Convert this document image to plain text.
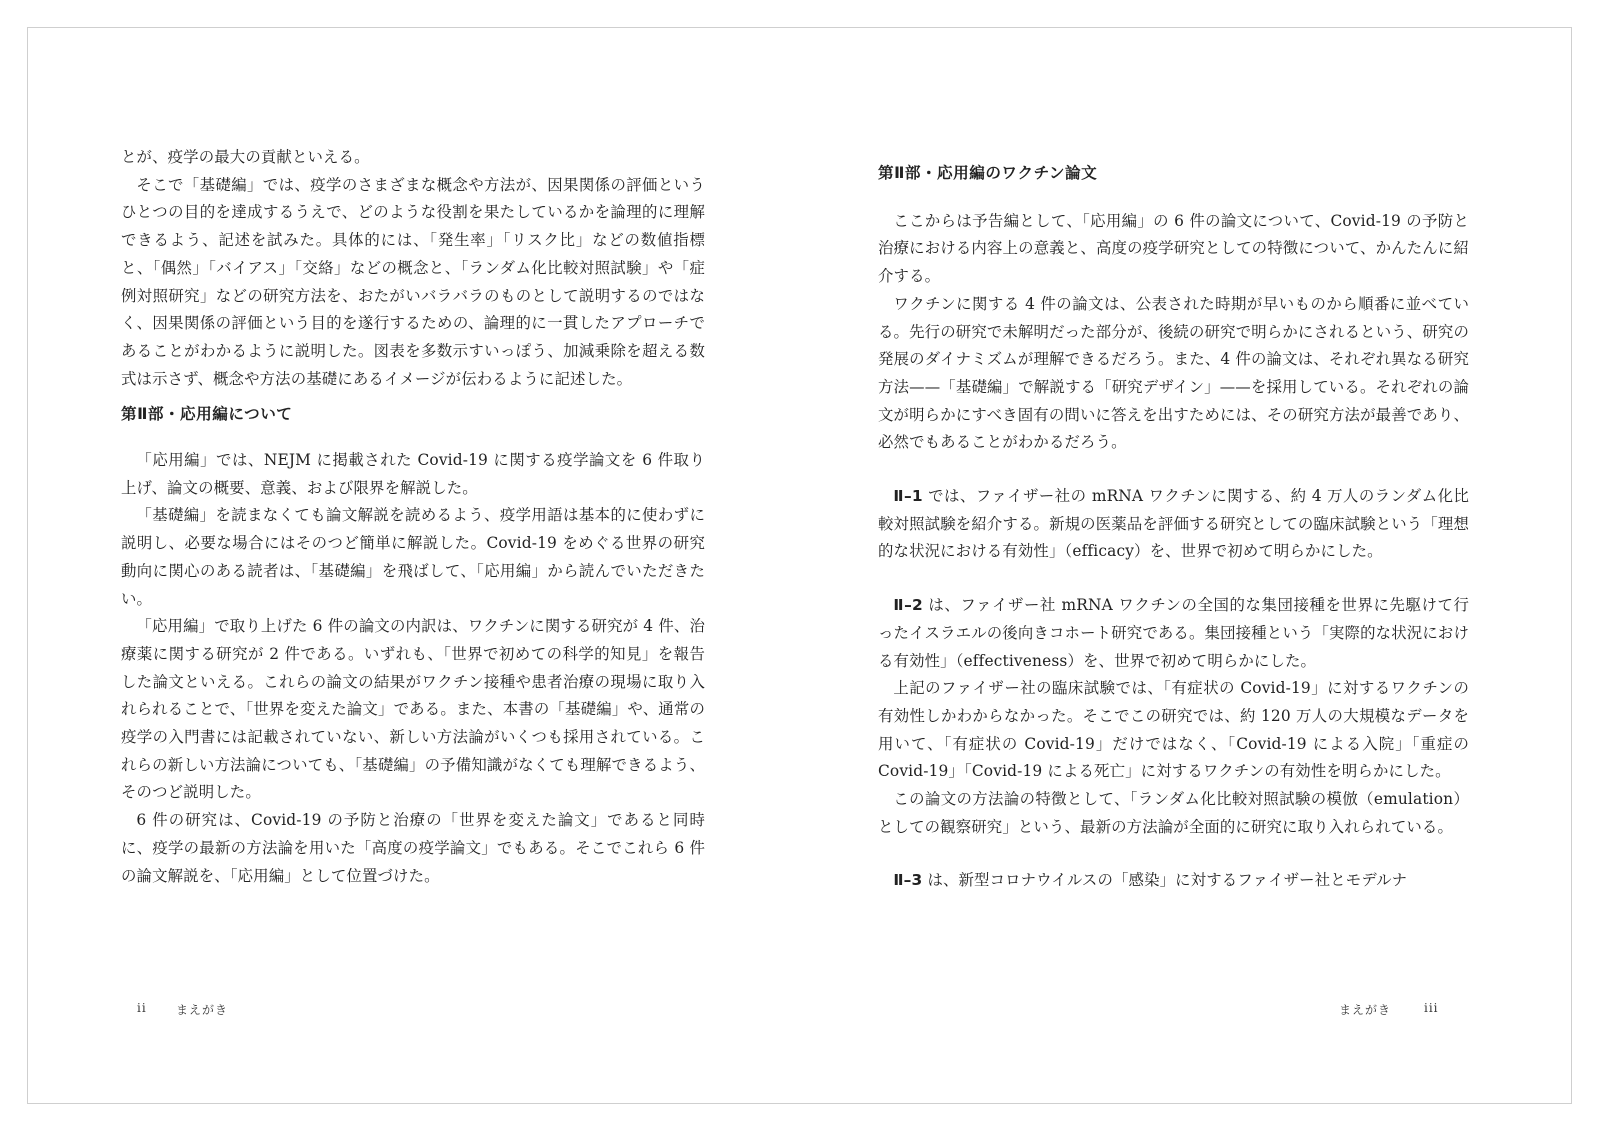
とが、疫学の最大の貢献といえる。

そこで「基礎編」では、疫学のさまざまな概念や方法が、因果関係の評価というひとつの目的を達成するうえで、どのような役割を果たしているかを論理的に理解できるよう、記述を試みた。具体的には、「発生率」「リスク比」などの数値指標と、「偶然」「バイアス」「交絡」などの概念と、「ランダム化比較対照試験」や「症例対照研究」などの研究方法を、おたがいバラバラのものとして説明するのではなく、因果関係の評価という目的を遂行するための、論理的に一貫したアプローチであることがわかるように説明した。図表を多数示すいっぽう、加減乗除を超える数式は示さず、概念や方法の基礎にあるイメージが伝わるように記述した。

第Ⅱ部・応用編について

「応用編」では、NEJM に掲載された Covid-19 に関する疫学論文を 6 件取り上げ、論文の概要、意義、および限界を解説した。

「基礎編」を読まなくても論文解説を読めるよう、疫学用語は基本的に使わずに説明し、必要な場合にはそのつど簡単に解説した。Covid-19 をめぐる世界の研究動向に関心のある読者は、「基礎編」を飛ばして、「応用編」から読んでいただきたい。

「応用編」で取り上げた 6 件の論文の内訳は、ワクチンに関する研究が 4 件、治療薬に関する研究が 2 件である。いずれも、「世界で初めての科学的知見」を報告した論文といえる。これらの論文の結果がワクチン接種や患者治療の現場に取り入れられることで、「世界を変えた論文」である。また、本書の「基礎編」や、通常の疫学の入門書には記載されていない、新しい方法論がいくつも採用されている。これらの新しい方法論についても、「基礎編」の予備知識がなくても理解できるよう、そのつど説明した。

6 件の研究は、Covid-19 の予防と治療の「世界を変えた論文」であると同時に、疫学の最新の方法論を用いた「高度の疫学論文」でもある。そこでこれら 6 件の論文解説を、「応用編」として位置づけた。

ii まえがき
第Ⅱ部・応用編のワクチン論文

ここからは予告編として、「応用編」の 6 件の論文について、Covid-19 の予防と治療における内容上の意義と、高度の疫学研究としての特徴について、かんたんに紹介する。

ワクチンに関する 4 件の論文は、公表された時期が早いものから順番に並べている。先行の研究で未解明だった部分が、後続の研究で明らかにされるという、研究の発展のダイナミズムが理解できるだろう。また、4 件の論文は、それぞれ異なる研究方法——「基礎編」で解説する「研究デザイン」——を採用している。それぞれの論文が明らかにすべき固有の問いに答えを出すためには、その研究方法が最善であり、必然でもあることがわかるだろう。

Ⅱ–1 では、ファイザー社の mRNA ワクチンに関する、約 4 万人のランダム化比較対照試験を紹介する。新規の医薬品を評価する研究としての臨床試験という「理想的な状況における有効性」（efficacy）を、世界で初めて明らかにした。

Ⅱ–2 は、ファイザー社 mRNA ワクチンの全国的な集団接種を世界に先駆けて行ったイスラエルの後向きコホート研究である。集団接種という「実際的な状況における有効性」（effectiveness）を、世界で初めて明らかにした。

上記のファイザー社の臨床試験では、「有症状の Covid-19」に対するワクチンの有効性しかわからなかった。そこでこの研究では、約 120 万人の大規模なデータを用いて、「有症状の Covid-19」だけではなく、「Covid-19 による入院」「重症の Covid-19」「Covid-19 による死亡」に対するワクチンの有効性を明らかにした。

この論文の方法論の特徴として、「ランダム化比較対照試験の模倣（emulation）としての観察研究」という、最新の方法論が全面的に研究に取り入れられている。

Ⅱ–3 は、新型コロナウイルスの「感染」に対するファイザー社とモデルナ

まえがき	iii
